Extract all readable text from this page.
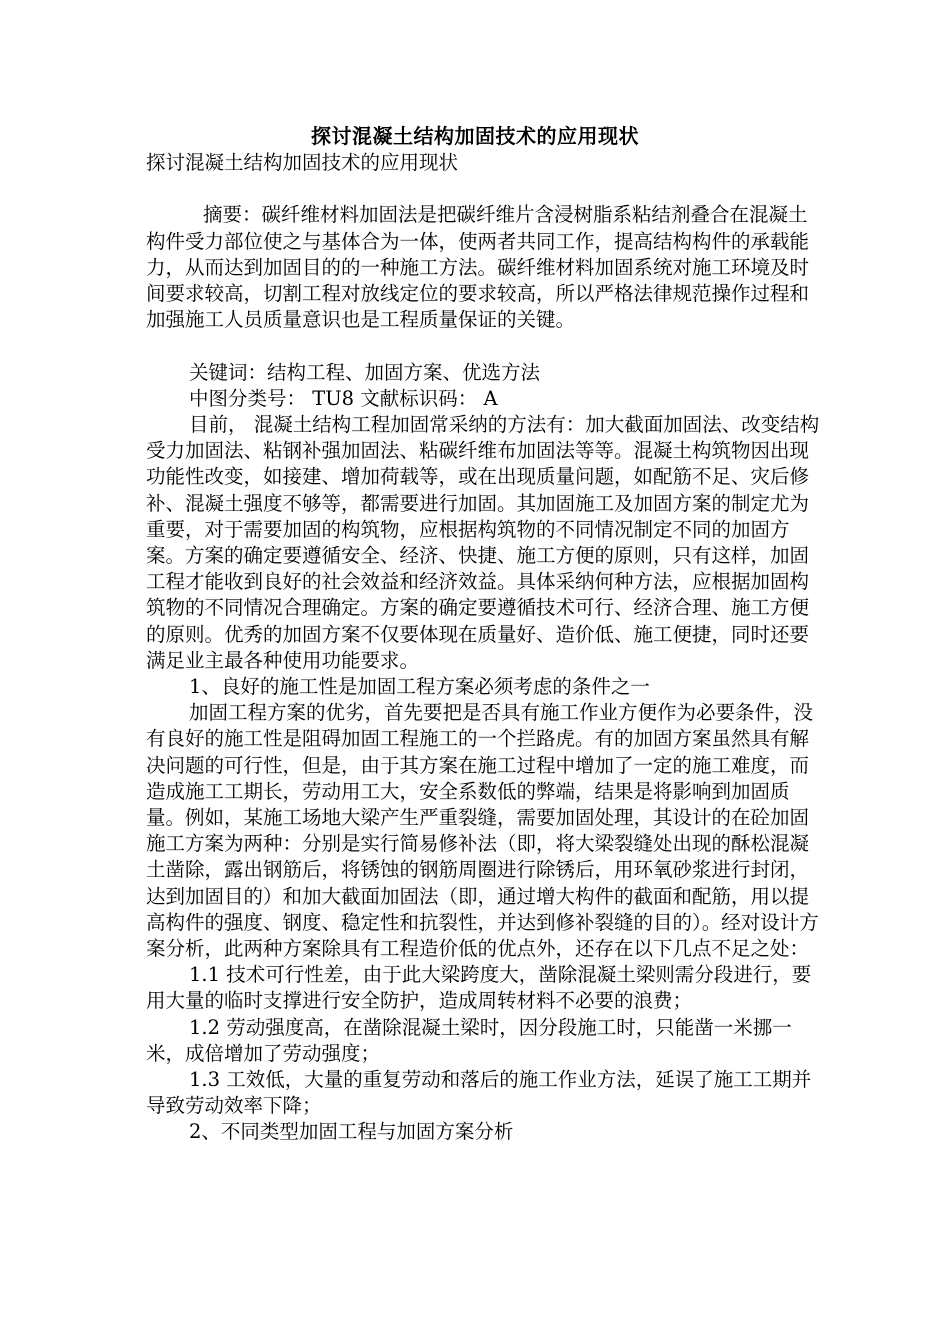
探讨混凝土结构加固技术的应用现状

探讨混凝土结构加固技术的应用现状

摘要：碳纤维材料加固法是把碳纤维片含浸树脂系粘结剂叠合在混凝土构件受力部位使之与基体合为一体，使两者共同工作，提高结构构件的承载能力，从而达到加固目的的一种施工方法。碳纤维材料加固系统对施工环境及时间要求较高，切割工程对放线定位的要求较高，所以严格法律规范操作过程和加强施工人员质量意识也是工程质量保证的关键。

关键词：结构工程、加固方案、优选方法

中图分类号： TU8 文献标识码： A

目前， 混凝土结构工程加固常采纳的方法有：加大截面加固法、改变结构受力加固法、粘钢补强加固法、粘碳纤维布加固法等等。混凝土构筑物因出现功能性改变，如接建、增加荷载等，或在出现质量问题，如配筋不足、灾后修补、混凝土强度不够等，都需要进行加固。其加固施工及加固方案的制定尤为重要，对于需要加固的构筑物，应根据构筑物的不同情况制定不同的加固方案。方案的确定要遵循安全、经济、快捷、施工方便的原则，只有这样，加固工程才能收到良好的社会效益和经济效益。具体采纳何种方法，应根据加固构筑物的不同情况合理确定。方案的确定要遵循技术可行、经济合理、施工方便的原则。优秀的加固方案不仅要体现在质量好、造价低、施工便捷，同时还要满足业主最各种使用功能要求。

1、良好的施工性是加固工程方案必须考虑的条件之一

加固工程方案的优劣，首先要把是否具有施工作业方便作为必要条件，没有良好的施工性是阻碍加固工程施工的一个拦路虎。有的加固方案虽然具有解决问题的可行性，但是，由于其方案在施工过程中增加了一定的施工难度，而造成施工工期长，劳动用工大，安全系数低的弊端，结果是将影响到加固质量。例如，某施工场地大梁产生严重裂缝，需要加固处理，其设计的在砼加固施工方案为两种：分别是实行简易修补法（即，将大梁裂缝处出现的酥松混凝土凿除，露出钢筋后，将锈蚀的钢筋周圈进行除锈后，用环氧砂浆进行封闭，达到加固目的）和加大截面加固法（即，通过增大构件的截面和配筋，用以提高构件的强度、钢度、稳定性和抗裂性，并达到修补裂缝的目的）。经对设计方案分析，此两种方案除具有工程造价低的优点外，还存在以下几点不足之处：

1.1 技术可行性差，由于此大梁跨度大，凿除混凝土梁则需分段进行，要用大量的临时支撑进行安全防护，造成周转材料不必要的浪费；

1.2 劳动强度高，在凿除混凝土梁时，因分段施工时，只能凿一米挪一米，成倍增加了劳动强度；

1.3 工效低，大量的重复劳动和落后的施工作业方法，延误了施工工期并导致劳动效率下降；

2、不同类型加固工程与加固方案分析
